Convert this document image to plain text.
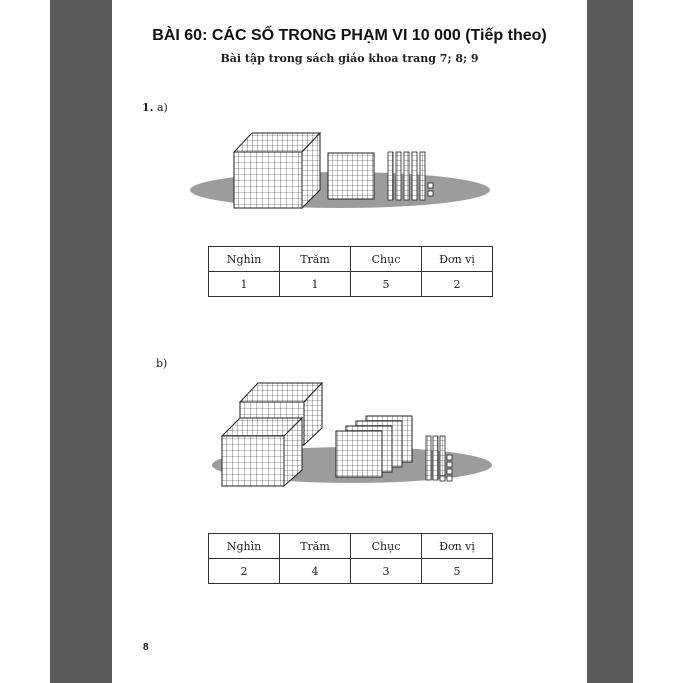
BÀI 60: CÁC SỐ TRONG PHẠM VI 10 000 (Tiếp theo)
Bài tập trong sách giáo khoa trang 7; 8; 9
1. a)
Nghìn	Trăm	Chục	Đơn vị
1	1	5	2
b)
Nghìn	Trăm	Chục	Đơn vị
2	4	3	5
8
